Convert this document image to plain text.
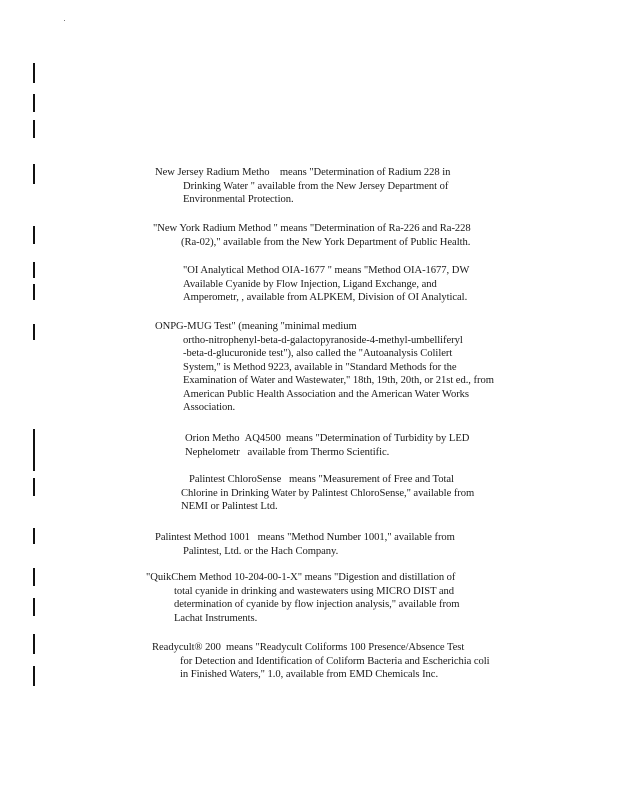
New Jersey Radium Metho    means "Determination of Radium 228 in
Drinking Water " available from the New Jersey Department of
Environmental Protection.
"New York Radium Method " means "Determination of Ra-226 and Ra-228
(Ra-02)," available from the New York Department of Public Health.
"OI Analytical Method OIA-1677 " means "Method OIA-1677, DW
Available Cyanide by Flow Injection, Ligand Exchange, and
Amperometr, , available from ALPKEM, Division of OI Analytical.
ONPG-MUG Test" (meaning "minimal medium
ortho-nitrophenyl-beta-d-galactopyranoside-4-methyl-umbelliferyl
-beta-d-glucuronide test"), also called the "Autoanalysis Colilert
System," is Method 9223, available in "Standard Methods for the
Examination of Water and Wastewater," 18th, 19th, 20th, or 21st ed., from
American Public Health Association and the American Water Works
Association.
Orion Metho  AQ4500  means "Determination of Turbidity by LED
Nephelometr   available from Thermo Scientific.
Palintest ChloroSense   means "Measurement of Free and Total
Chlorine in Drinking Water by Palintest ChloroSense," available from
NEMI or Palintest Ltd.
Palintest Method 1001   means "Method Number 1001," available from
Palintest, Ltd. or the Hach Company.
"QuikChem Method 10-204-00-1-X" means "Digestion and distillation of
total cyanide in drinking and wastewaters using MICRO DIST and
determination of cyanide by flow injection analysis," available from
Lachat Instruments.
Readycult® 200  means "Readycult Coliforms 100 Presence/Absence Test
for Detection and Identification of Coliform Bacteria and Escherichia coli
in Finished Waters," 1.0, available from EMD Chemicals Inc.
